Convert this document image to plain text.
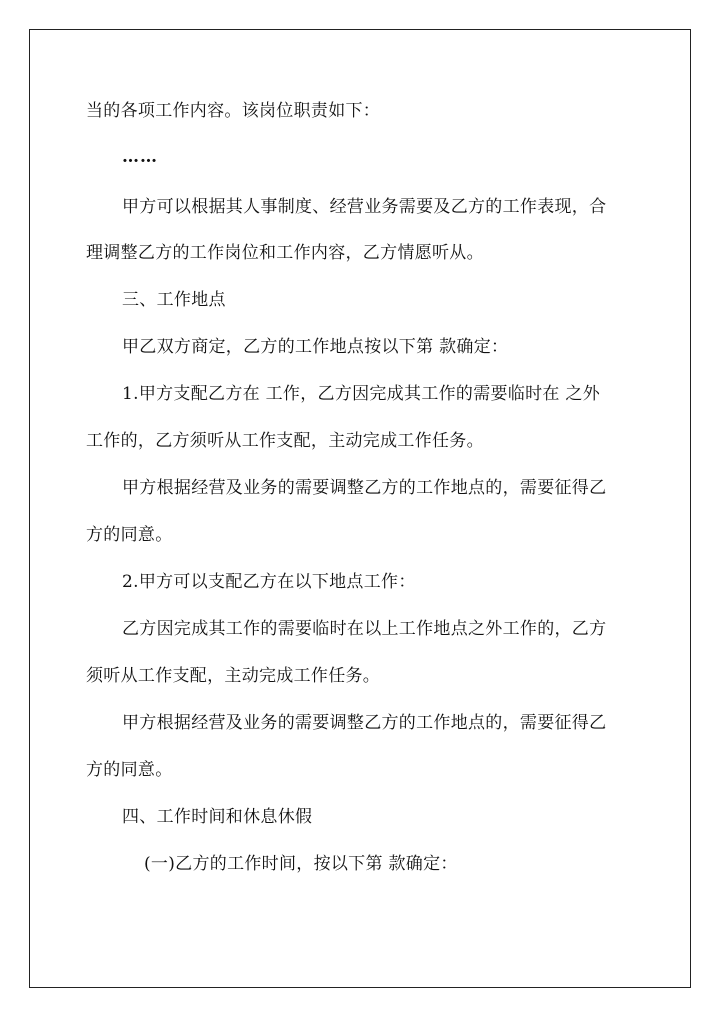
当的各项工作内容。该岗位职责如下：
……
甲方可以根据其人事制度、经营业务需要及乙方的工作表现，合
理调整乙方的工作岗位和工作内容，乙方情愿听从。
三、工作地点
甲乙双方商定，乙方的工作地点按以下第 款确定：
1.甲方支配乙方在 工作，乙方因完成其工作的需要临时在 之外
工作的，乙方须听从工作支配，主动完成工作任务。
甲方根据经营及业务的需要调整乙方的工作地点的，需要征得乙
方的同意。
2.甲方可以支配乙方在以下地点工作：
乙方因完成其工作的需要临时在以上工作地点之外工作的，乙方
须听从工作支配，主动完成工作任务。
甲方根据经营及业务的需要调整乙方的工作地点的，需要征得乙
方的同意。
四、工作时间和休息休假
(一)乙方的工作时间，按以下第 款确定：
